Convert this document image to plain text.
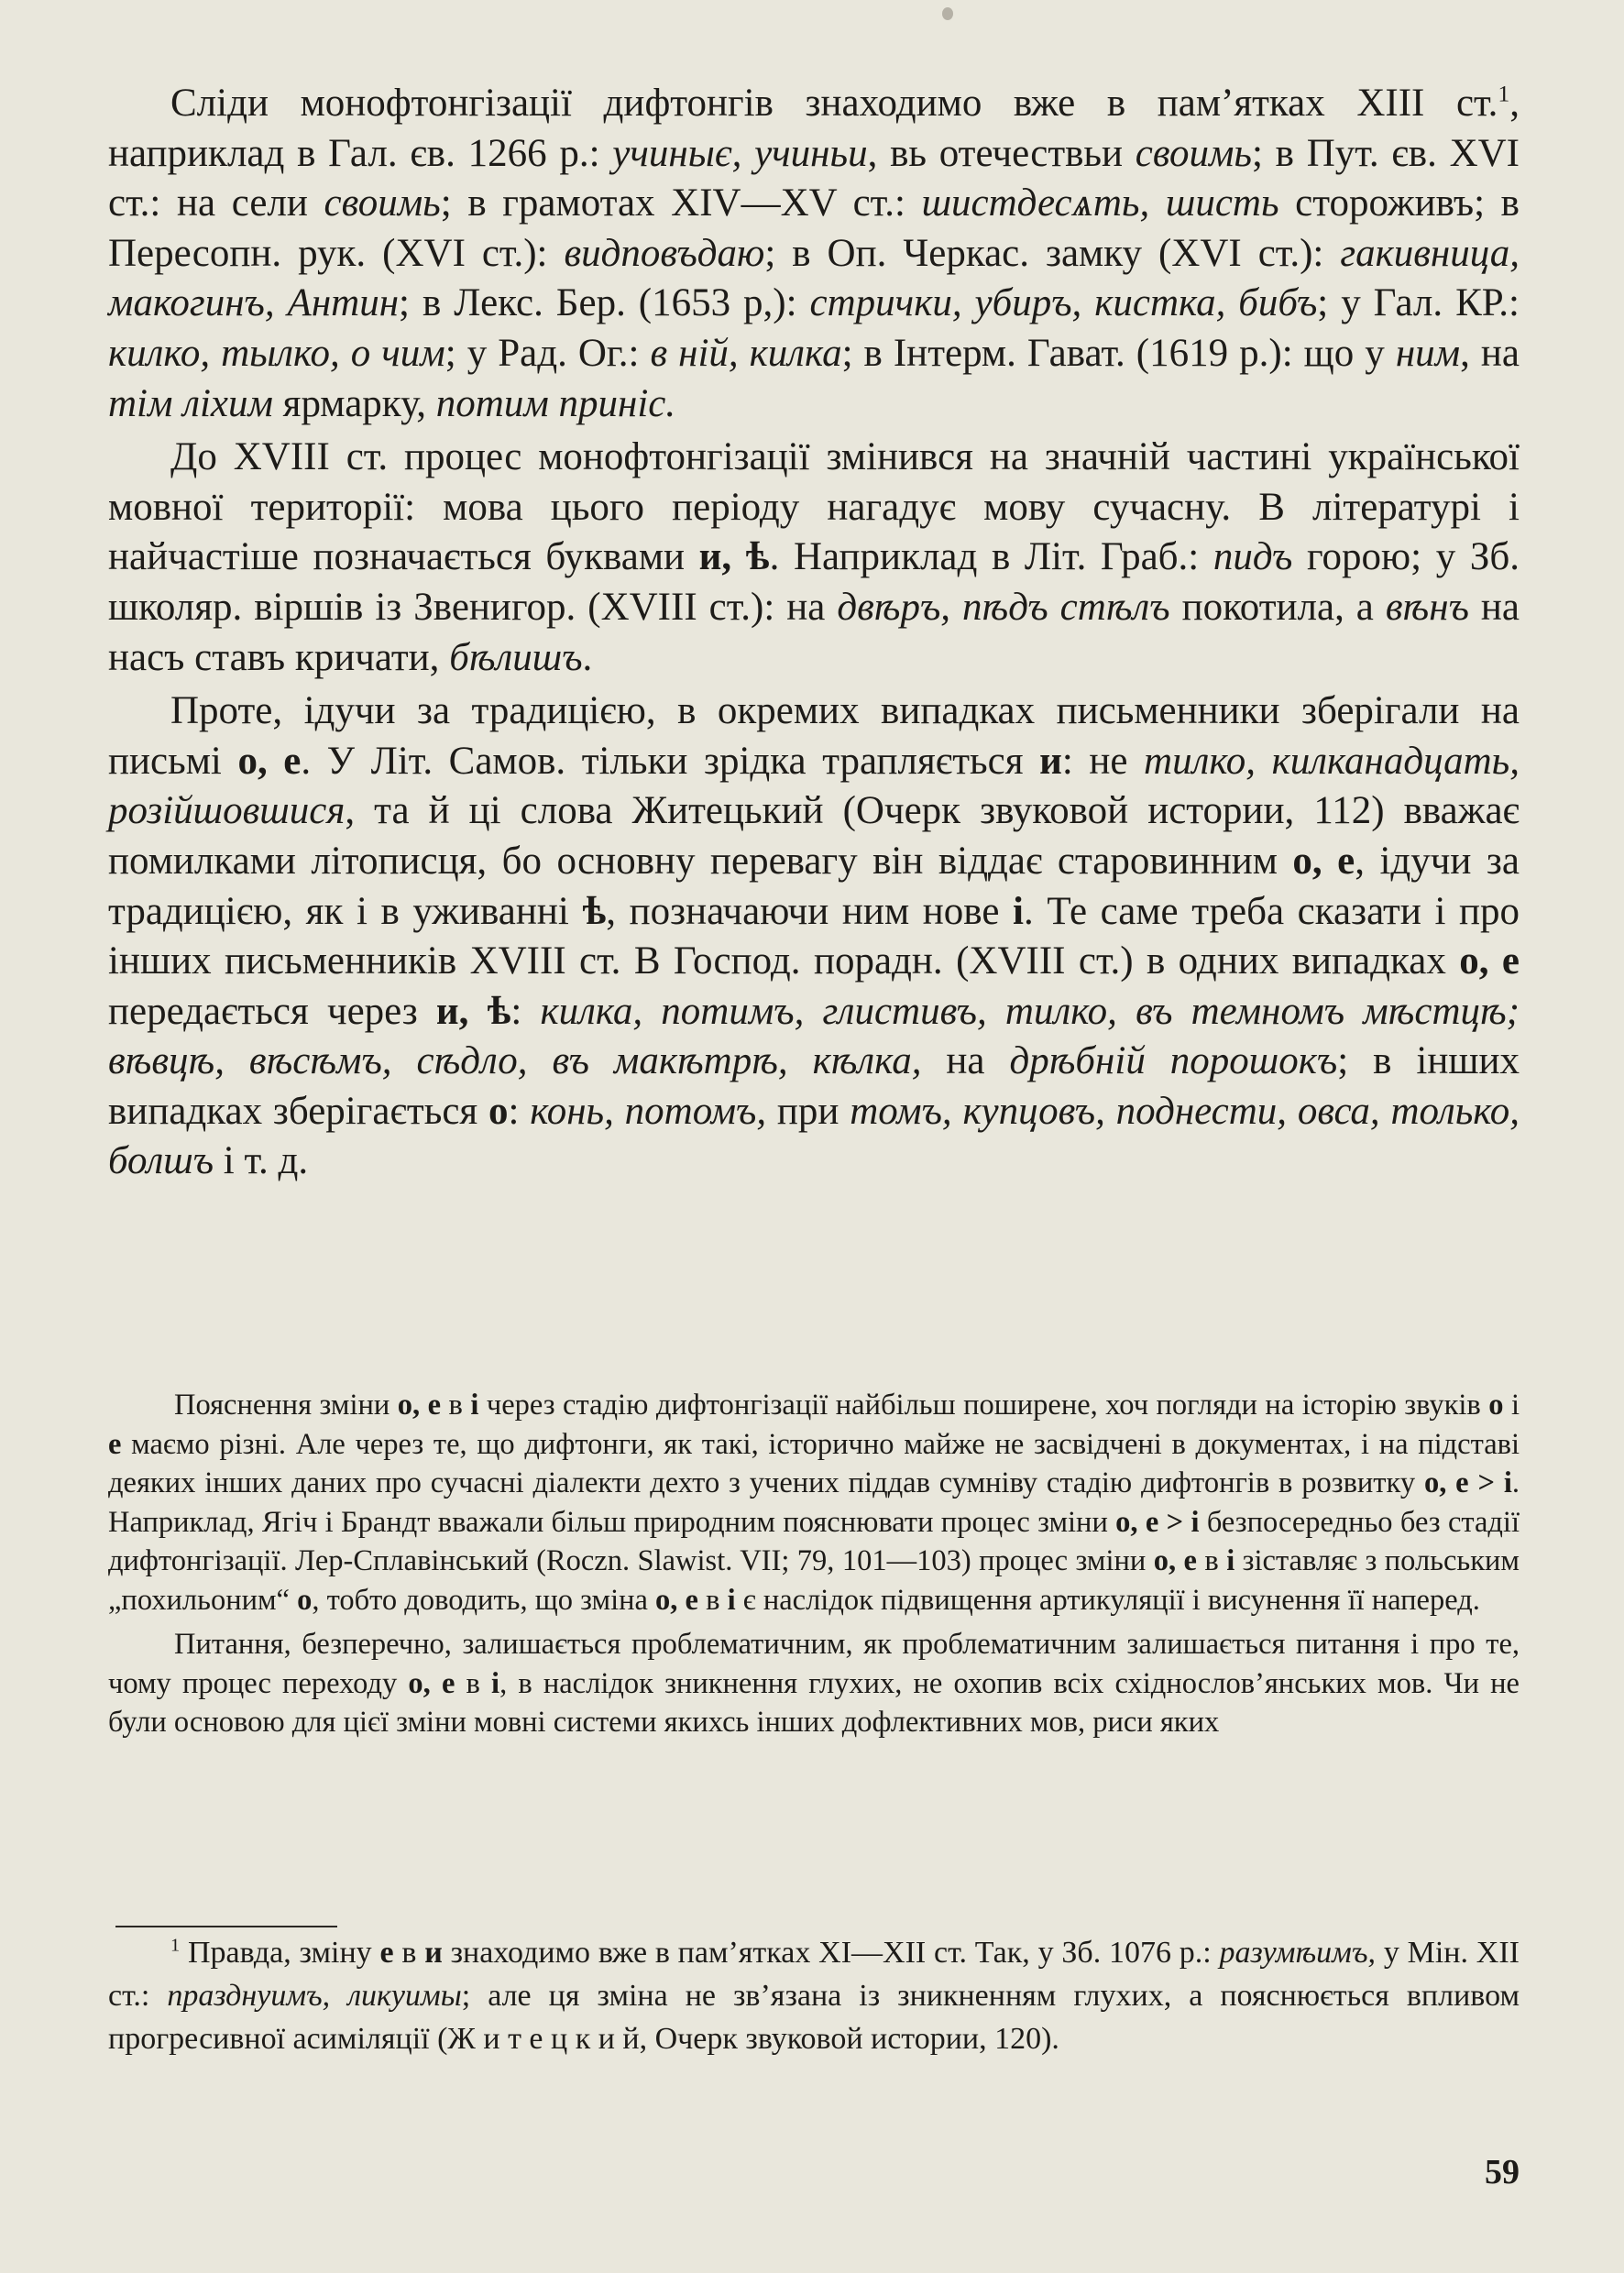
Сліди монофтонгізації дифтонгів знаходимо вже в пам’ятках XIII ст.$^1$, наприклад в Гал. єв. 1266 р.: учиныє, учиньи, вь отечествьи своимь; в Пут. єв. XVI ст.: на сели своимь; в грамотах XIV—XV ст.: шистдесѧть, шисть стороживъ; в Пересопн. рук. (XVI ст.): видповъдаю; в Оп. Черкас. замку (XVI ст.): гакивница, макогинъ, Антин; в Лекс. Бер. (1653 р,): стрички, убиръ, кистка, бибъ; у Гал. КР.: килко, тылко, о чим; у Рад. Ог.: в ній, килка; в Інтерм. Гават. (1619 р.): що у ним, на тім ліхим ярмарку, потим приніс.

До XVIII ст. процес монофтонгізації змінився на значній частині української мовної території: мова цього періоду нагадує мову сучасну. В літературі і найчастіше позначається буквами и, ѣ. Наприклад в Літ. Граб.: пидъ горою; у Зб. школяр. віршів із Звенигор. (XVIII ст.): на двѣръ, пѣдъ стѣлъ покотила, а вѣнъ на насъ ставъ кричати, бѣлишъ.

Проте, ідучи за традицією, в окремих випадках письменники зберігали на письмі о, е. У Літ. Самов. тільки зрідка трапляється и: не тилко, килканадцать, розійшовшися, та й ці слова Житецький (Очерк звуковой истории, 112) вважає помилками літописця, бо основну перевагу він віддає старовинним о, е, ідучи за традицією, як і в уживанні ѣ, позначаючи ним нове і. Те саме треба сказати і про інших письменників XVIII ст. В Господ. порадн. (XVIII ст.) в одних випадках о, е передається через и, ѣ: килка, потимъ, глистивъ, тилко, въ темномъ мѣстцѣ; вѣвцѣ, вѣсѣмъ, сѣдло, въ макѣтрѣ, кѣлка, на дрѣбній порошокъ; в інших випадках зберігається о: конь, потомъ, при томъ, купцовъ, поднести, овса, только, болшъ і т. д.

Пояснення зміни о, е в і через стадію дифтонгізації найбільш поширене, хоч погляди на історію звуків о і е маємо різні. Але через те, що дифтонги, як такі, історично майже не засвідчені в документах, і на підставі деяких інших даних про сучасні діалекти дехто з учених піддав сумніву стадію дифтонгів в розвитку о, е > і. Наприклад, Ягіч і Брандт вважали більш природним пояснювати процес зміни о, е > і безпосередньо без стадії дифтонгізації. Лер-Сплавінський (Roczn. Slawist. VII; 79, 101—103) процес зміни о, е в і зіставляє з польським „похильоним“ о, тобто доводить, що зміна о, е в і є наслідок підвищення артикуляції і висунення її наперед.

Питання, безперечно, залишається проблематичним, як проблематичним залишається питання і про те, чому процес переходу о, е в і, в наслідок зникнення глухих, не охопив всіх східнослов’янських мов. Чи не були основою для цієї зміни мовні системи якихсь інших дофлективних мов, риси яких

$^1$ Правда, зміну е в и знаходимо вже в пам’ятках XI—XII ст. Так, у Зб. 1076 р.: разумѣимъ, у Мін. XII ст.: празднуимъ, ликуимы; але ця зміна не зв’язана із зникненням глухих, а пояснюється впливом прогресивної асиміляції (Ж и т е ц к и й, Очерк звуковой истории, 120).

59
